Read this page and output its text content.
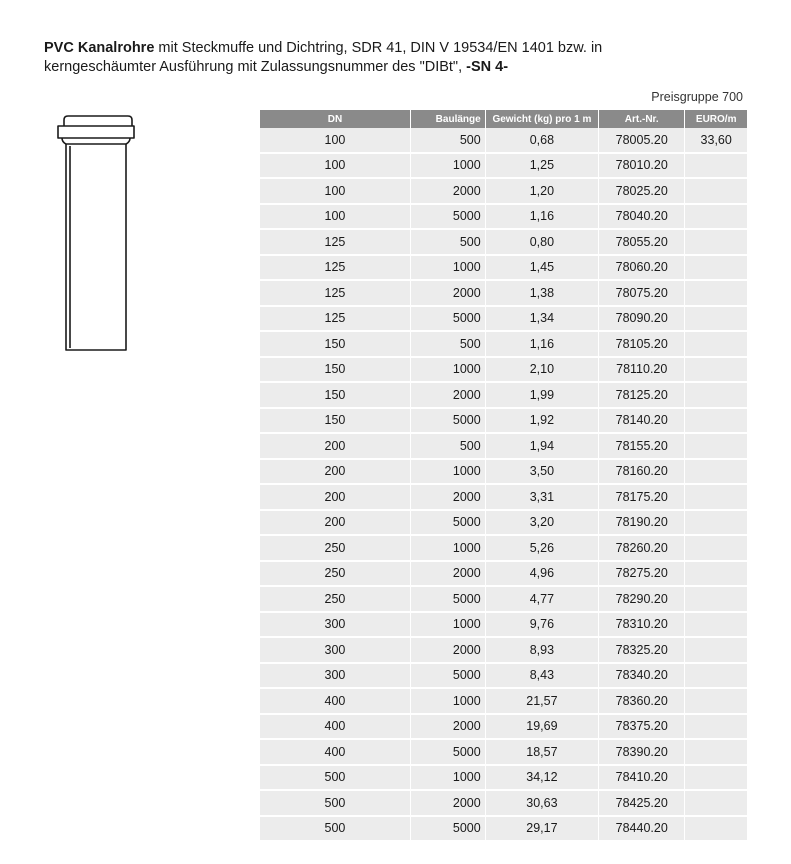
PVC Kanalrohre mit Steckmuffe und Dichtring, SDR 41, DIN V 19534/EN 1401 bzw. in
kerngeschäumter Ausführung mit Zulassungsnummer des "DIBt", -SN 4-
Preisgruppe 700
DN	Baulänge	Gewicht (kg) pro 1 m	Art.-Nr.	EURO/m
100	500	0,68	78005.20	33,60
100	1000	1,25	78010.20	
100	2000	1,20	78025.20	
100	5000	1,16	78040.20	
125	500	0,80	78055.20	
125	1000	1,45	78060.20	
125	2000	1,38	78075.20	
125	5000	1,34	78090.20	
150	500	1,16	78105.20	
150	1000	2,10	78110.20	
150	2000	1,99	78125.20	
150	5000	1,92	78140.20	
200	500	1,94	78155.20	
200	1000	3,50	78160.20	
200	2000	3,31	78175.20	
200	5000	3,20	78190.20	
250	1000	5,26	78260.20	
250	2000	4,96	78275.20	
250	5000	4,77	78290.20	
300	1000	9,76	78310.20	
300	2000	8,93	78325.20	
300	5000	8,43	78340.20	
400	1000	21,57	78360.20	
400	2000	19,69	78375.20	
400	5000	18,57	78390.20	
500	1000	34,12	78410.20	
500	2000	30,63	78425.20	
500	5000	29,17	78440.20	
